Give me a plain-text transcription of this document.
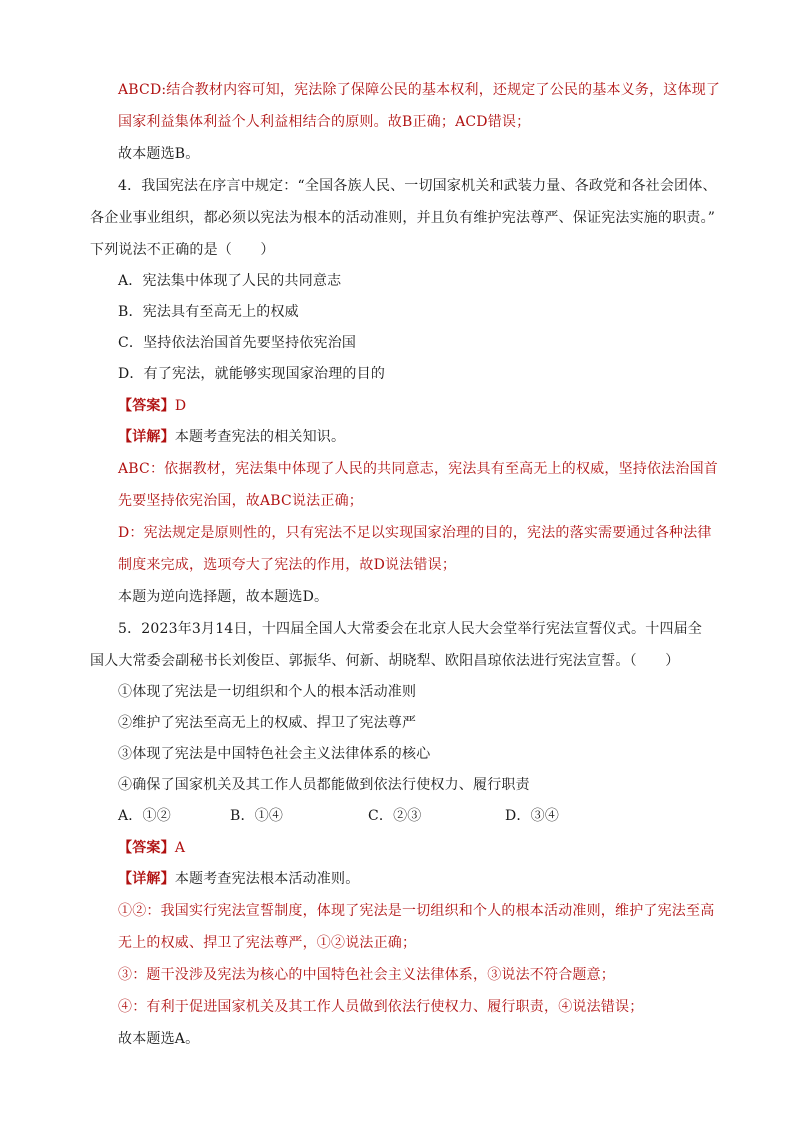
ABCD:结合教材内容可知，宪法除了保障公民的基本权利，还规定了公民的基本义务，这体现了
国家利益集体利益个人利益相结合的原则。故B正确；ACD错误；
故本题选B。
4．我国宪法在序言中规定：“全国各族人民、一切国家机关和武装力量、各政党和各社会团体、
各企业事业组织，都必须以宪法为根本的活动准则，并且负有维护宪法尊严、保证宪法实施的职责。”
下列说法不正确的是（　　）
A．宪法集中体现了人民的共同意志
B．宪法具有至高无上的权威
C．坚持依法治国首先要坚持依宪治国
D．有了宪法，就能够实现国家治理的目的
【答案】D
【详解】本题考查宪法的相关知识。
ABC：依据教材，宪法集中体现了人民的共同意志，宪法具有至高无上的权威，坚持依法治国首
先要坚持依宪治国，故ABC说法正确；
D：宪法规定是原则性的，只有宪法不足以实现国家治理的目的，宪法的落实需要通过各种法律
制度来完成，选项夸大了宪法的作用，故D说法错误；
本题为逆向选择题，故本题选D。
5．2023年3月14日，十四届全国人大常委会在北京人民大会堂举行宪法宣誓仪式。十四届全
国人大常委会副秘书长刘俊臣、郭振华、何新、胡晓犁、欧阳昌琼依法进行宪法宣誓。（　　）
①体现了宪法是一切组织和个人的根本活动准则
②维护了宪法至高无上的权威、捍卫了宪法尊严
③体现了宪法是中国特色社会主义法律体系的核心
④确保了国家机关及其工作人员都能做到依法行使权力、履行职责
A．①②	B．①④	C．②③	D．③④
【答案】A
【详解】本题考查宪法根本活动准则。
①②：我国实行宪法宣誓制度，体现了宪法是一切组织和个人的根本活动准则，维护了宪法至高
无上的权威、捍卫了宪法尊严，①②说法正确；
③：题干没涉及宪法为核心的中国特色社会主义法律体系，③说法不符合题意；
④：有利于促进国家机关及其工作人员做到依法行使权力、履行职责，④说法错误；
故本题选A。
